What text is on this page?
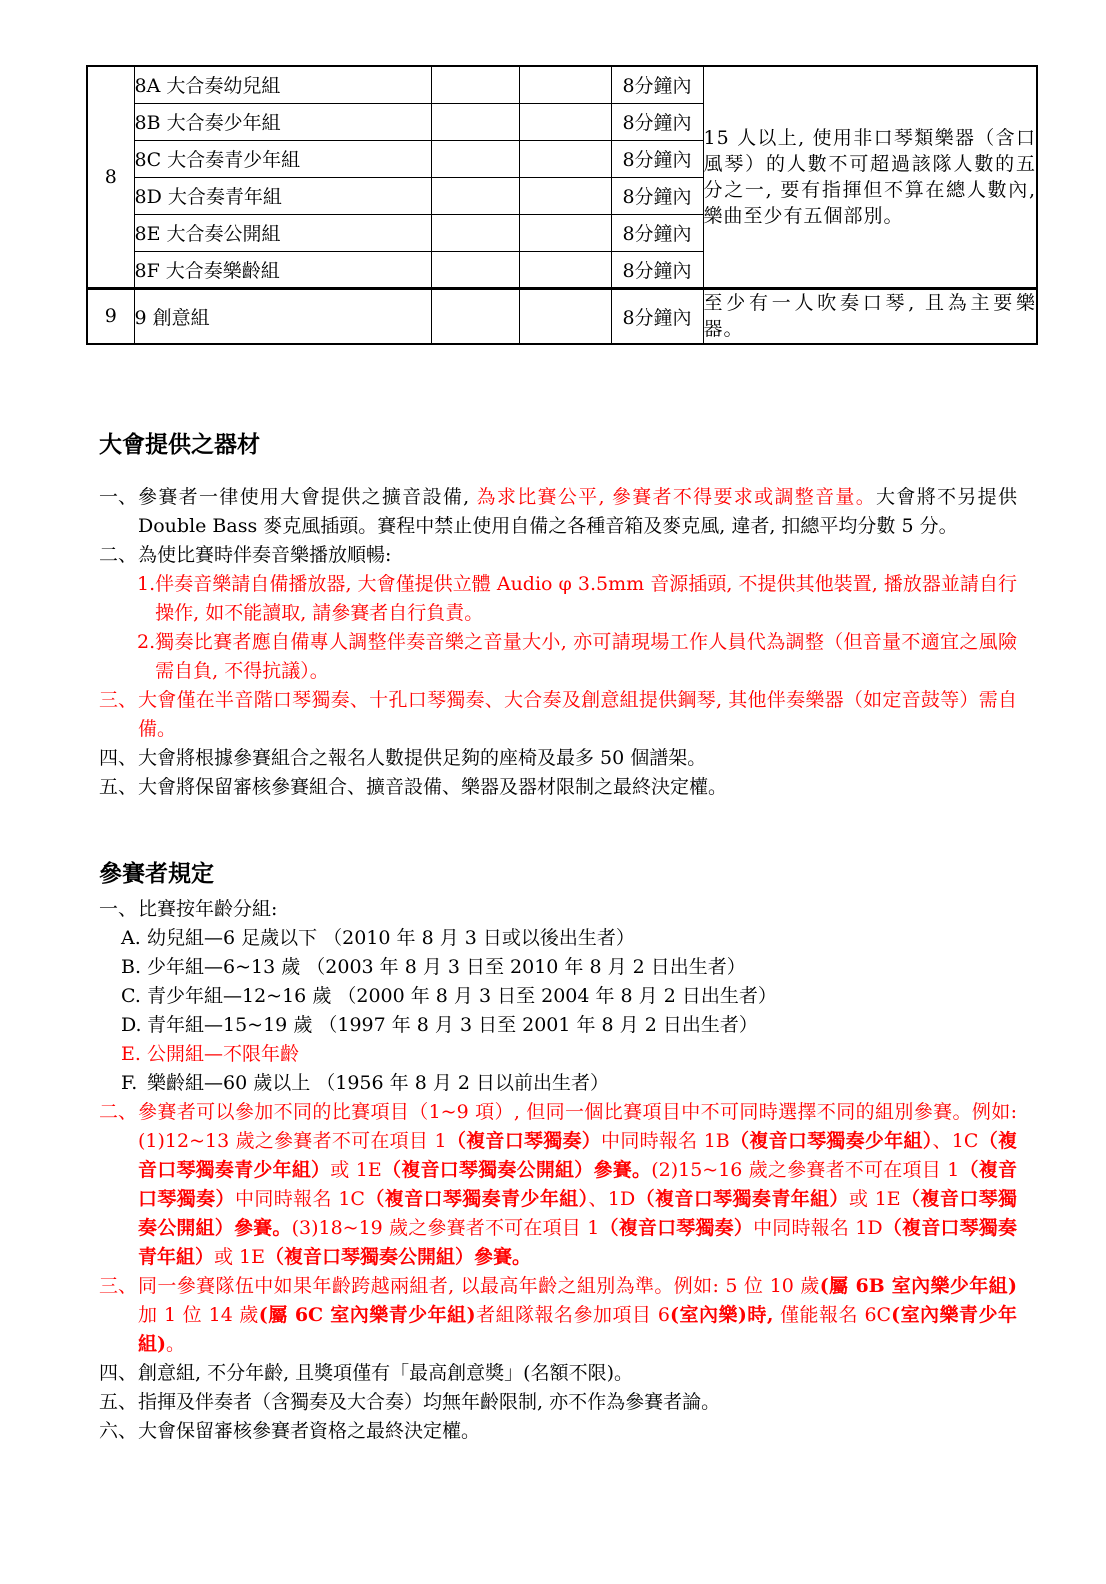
8	8A 大合奏幼兒組			8分鐘內	15 人以上, 使用非口琴類樂器（含口風琴）的人數不可超過該隊人數的五分之一, 要有指揮但不算在總人數內, 樂曲至少有五個部別。
	8B 大合奏少年組			8分鐘內	
	8C 大合奏青少年組			8分鐘內	
	8D 大合奏青年組			8分鐘內	
	8E 大合奏公開組			8分鐘內	
	8F 大合奏樂齡組			8分鐘內	
9	9 創意組			8分鐘內	至少有一人吹奏口琴, 且為主要樂器。
大會提供之器材
一、 參賽者一律使用大會提供之擴音設備, 為求比賽公平, 參賽者不得要求或調整音量。大會將不另提供 Double Bass 麥克風插頭。賽程中禁止使用自備之各種音箱及麥克風, 違者, 扣總平均分數 5 分。
二、 為使比賽時伴奏音樂播放順暢:
1. 伴奏音樂請自備播放器, 大會僅提供立體 Audio φ 3.5mm 音源插頭, 不提供其他裝置, 播放器並請自行操作, 如不能讀取, 請參賽者自行負責。
2. 獨奏比賽者應自備專人調整伴奏音樂之音量大小, 亦可請現場工作人員代為調整（但音量不適宜之風險需自負, 不得抗議）。
三、 大會僅在半音階口琴獨奏、十孔口琴獨奏、大合奏及創意組提供鋼琴, 其他伴奏樂器（如定音鼓等）需自備。
四、 大會將根據參賽組合之報名人數提供足夠的座椅及最多 50 個譜架。
五、 大會將保留審核參賽組合、擴音設備、樂器及器材限制之最終決定權。
參賽者規定
一、 比賽按年齡分組:
A. 幼兒組—6 足歲以下 （2010 年 8 月 3 日或以後出生者）
B. 少年組—6~13 歲 （2003 年 8 月 3 日至 2010 年 8 月 2 日出生者）
C. 青少年組—12~16 歲 （2000 年 8 月 3 日至 2004 年 8 月 2 日出生者）
D. 青年組—15~19 歲 （1997 年 8 月 3 日至 2001 年 8 月 2 日出生者）
E. 公開組—不限年齡
F. 樂齡組—60 歲以上 （1956 年 8 月 2 日以前出生者）
二、 參賽者可以參加不同的比賽項目（1~9 項）, 但同一個比賽項目中不可同時選擇不同的組別參賽。例如: (1)12~13 歲之參賽者不可在項目 1（複音口琴獨奏）中同時報名 1B（複音口琴獨奏少年組）、1C（複音口琴獨奏青少年組）或 1E（複音口琴獨奏公開組）參賽。(2)15~16 歲之參賽者不可在項目 1（複音口琴獨奏）中同時報名 1C（複音口琴獨奏青少年組）、1D（複音口琴獨奏青年組）或 1E（複音口琴獨奏公開組）參賽。(3)18~19 歲之參賽者不可在項目 1（複音口琴獨奏）中同時報名 1D（複音口琴獨奏青年組）或 1E（複音口琴獨奏公開組）參賽。
三、 同一參賽隊伍中如果年齡跨越兩組者, 以最高年齡之組別為準。例如: 5 位 10 歲(屬 6B 室內樂少年組)加 1 位 14 歲(屬 6C 室內樂青少年組)者組隊報名參加項目 6(室內樂)時, 僅能報名 6C(室內樂青少年組)。
四、 創意組, 不分年齡, 且獎項僅有「最高創意獎」(名額不限)。
五、 指揮及伴奏者（含獨奏及大合奏）均無年齡限制, 亦不作為參賽者論。
六、 大會保留審核參賽者資格之最終決定權。
